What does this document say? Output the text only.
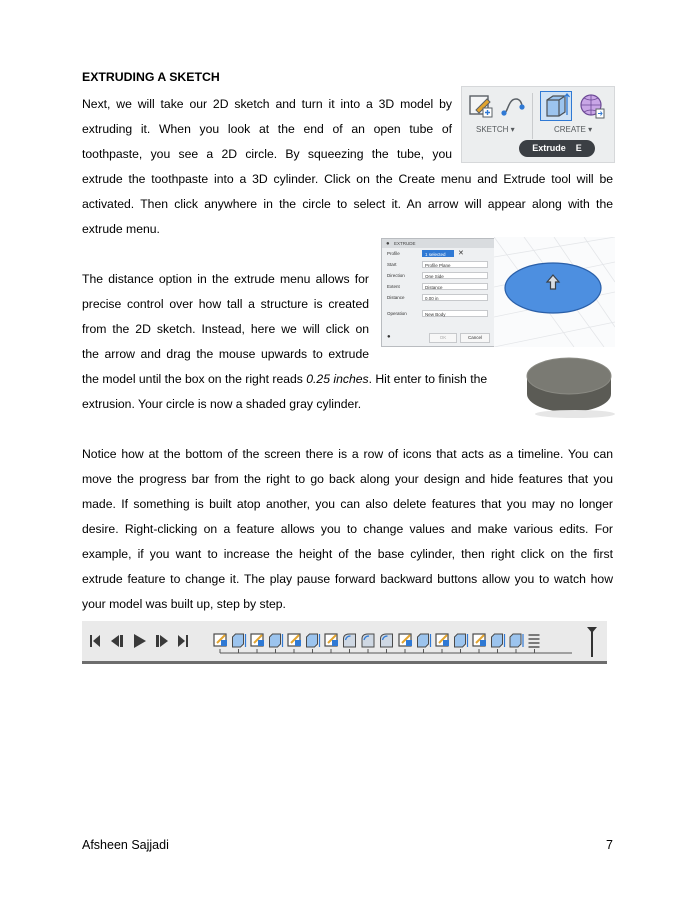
EXTRUDING A SKETCH
Next, we will take our 2D sketch and turn it into a 3D model by
extruding it. When you look at the end of an open tube of
toothpaste, you see a 2D circle. By squeezing the tube, you
extrude the toothpaste into a 3D cylinder. Click on the Create menu and Extrude tool will be
activated. Then click anywhere in the circle to select it. An arrow will appear along with the
extrude menu.
The distance option in the extrude menu allows for
precise control over how tall a structure is created
from the 2D sketch. Instead, here we will click on
the arrow and drag the mouse upwards to extrude
the model until the box on the right reads 0.25 inches. Hit enter to finish the
extrusion. Your circle is now a shaded gray cylinder.
Notice how at the bottom of the screen there is a row of icons that acts as a timeline. You can
move the progress bar from the right to go back along your design and hide features that you
made. If something is built atop another, you can also delete features that you may no longer
desire. Right-clicking on a feature allows you to change values and make various edits. For
example, if you want to increase the height of the base cylinder, then right click on the first
extrude feature to change it. The play pause forward backward buttons allow you to watch how
your model was built up, step by step.
SKETCH ▾	CREATE ▾
Extrude E
● EXTRUDE
Profile	1 selected	✕
Start	Profile Plane
Direction	One Side
Extent	Distance
Distance	0.00 in
Operation	New Body
●	OK	Cancel
Afsheen Sajjadi	7
